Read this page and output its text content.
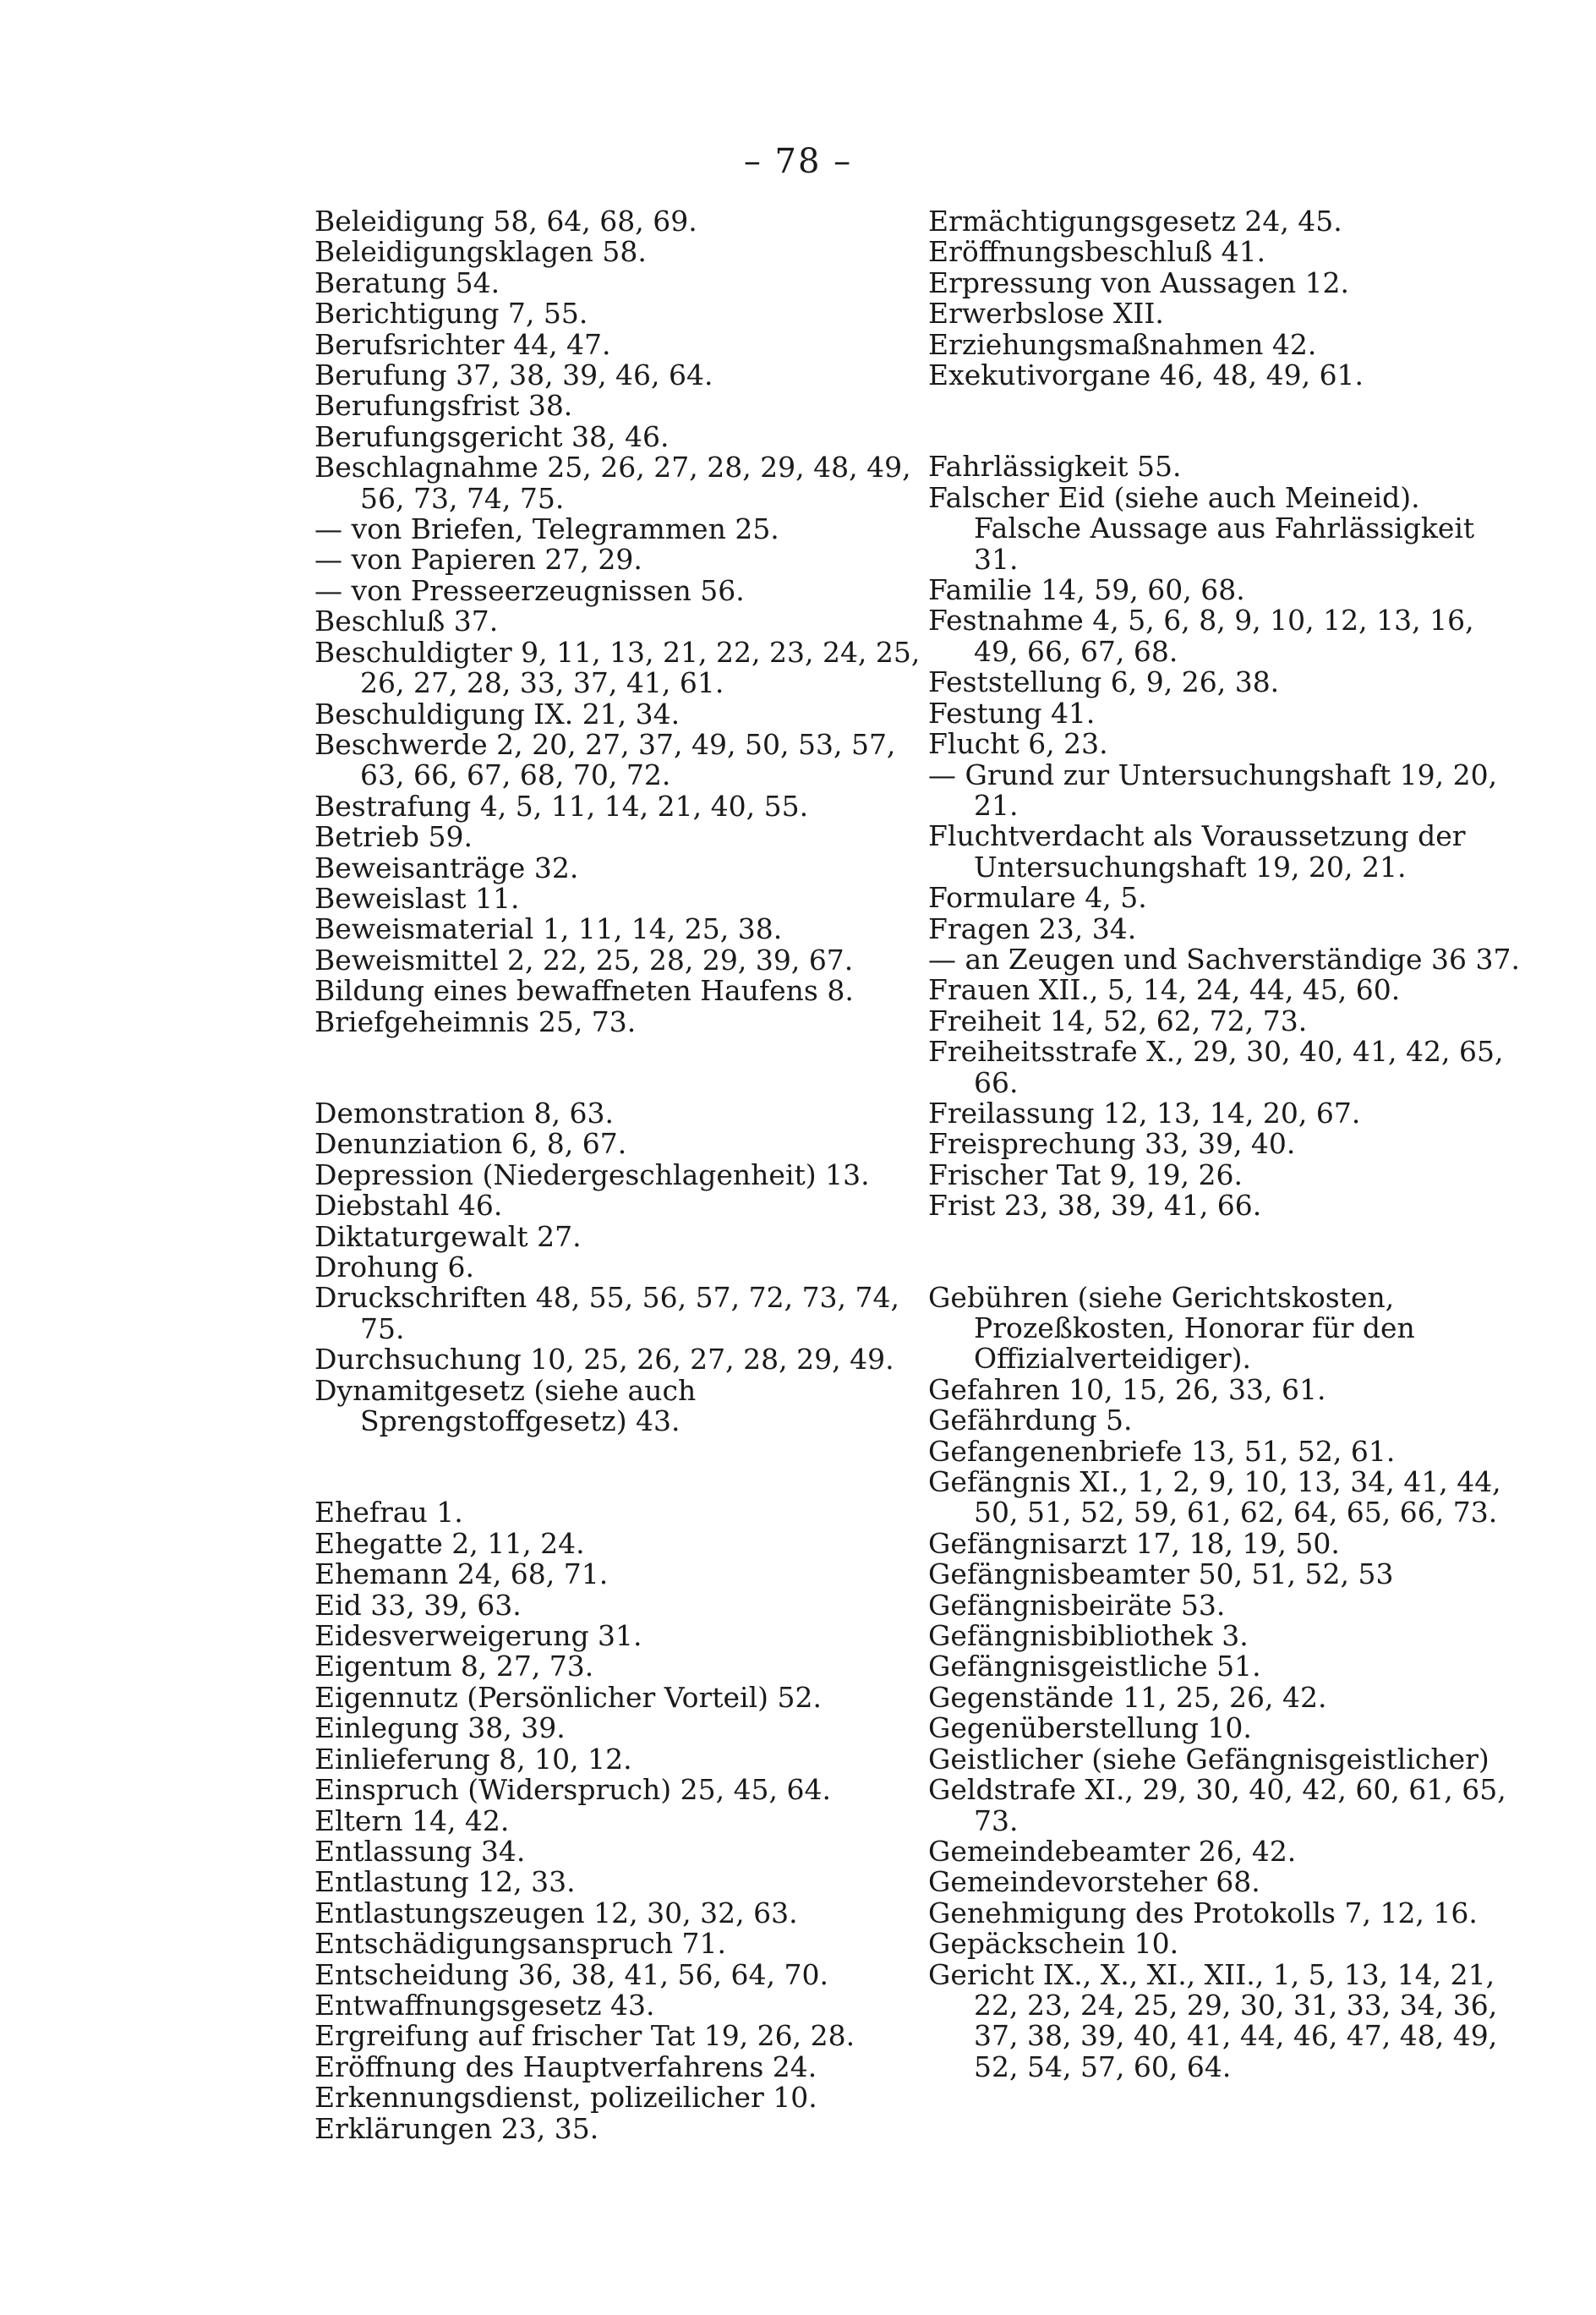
– 78 –
Beleidigung 58, 64, 68, 69.
Beleidigungsklagen 58.
Beratung 54.
Berichtigung 7, 55.
Berufsrichter 44, 47.
Berufung 37, 38, 39, 46, 64.
Berufungsfrist 38.
Berufungsgericht 38, 46.
Beschlagnahme 25, 26, 27, 28, 29, 48, 49, 56, 73, 74, 75.
— von Briefen, Telegrammen 25.
— von Papieren 27, 29.
— von Presseerzeugnissen 56.
Beschluß 37.
Beschuldigter 9, 11, 13, 21, 22, 23, 24, 25, 26, 27, 28, 33, 37, 41, 61.
Beschuldigung IX. 21, 34.
Beschwerde 2, 20, 27, 37, 49, 50, 53, 57, 63, 66, 67, 68, 70, 72.
Bestrafung 4, 5, 11, 14, 21, 40, 55.
Betrieb 59.
Beweisanträge 32.
Beweislast 11.
Beweismaterial 1, 11, 14, 25, 38.
Beweismittel 2, 22, 25, 28, 29, 39, 67.
Bildung eines bewaffneten Haufens 8.
Briefgeheimnis 25, 73.
Demonstration 8, 63.
Denunziation 6, 8, 67.
Depression (Niedergeschlagenheit) 13.
Diebstahl 46.
Diktaturgewalt 27.
Drohung 6.
Druckschriften 48, 55, 56, 57, 72, 73, 74, 75.
Durchsuchung 10, 25, 26, 27, 28, 29, 49.
Dynamitgesetz (siehe auch Sprengstoffgesetz) 43.
Ehefrau 1.
Ehegatte 2, 11, 24.
Ehemann 24, 68, 71.
Eid 33, 39, 63.
Eidesverweigerung 31.
Eigentum 8, 27, 73.
Eigennutz (Persönlicher Vorteil) 52.
Einlegung 38, 39.
Einlieferung 8, 10, 12.
Einspruch (Widerspruch) 25, 45, 64.
Eltern 14, 42.
Entlassung 34.
Entlastung 12, 33.
Entlastungszeugen 12, 30, 32, 63.
Entschädigungsanspruch 71.
Entscheidung 36, 38, 41, 56, 64, 70.
Entwaffnungsgesetz 43.
Ergreifung auf frischer Tat 19, 26, 28.
Eröffnung des Hauptverfahrens 24.
Erkennungsdienst, polizeilicher 10.
Erklärungen 23, 35.
Ermächtigungsgesetz 24, 45.
Eröffnungsbeschluß 41.
Erpressung von Aussagen 12.
Erwerbslose XII.
Erziehungsmaßnahmen 42.
Exekutivorgane 46, 48, 49, 61.
Fahrlässigkeit 55.
Falscher Eid (siehe auch Meineid).
Falsche Aussage aus Fahrlässigkeit 31.
Familie 14, 59, 60, 68.
Festnahme 4, 5, 6, 8, 9, 10, 12, 13, 16, 49, 66, 67, 68.
Feststellung 6, 9, 26, 38.
Festung 41.
Flucht 6, 23.
— Grund zur Untersuchungshaft 19, 20, 21.
Fluchtverdacht als Voraussetzung der Untersuchungshaft 19, 20, 21.
Formulare 4, 5.
Fragen 23, 34.
— an Zeugen und Sachverständige 36 37.
Frauen XII., 5, 14, 24, 44, 45, 60.
Freiheit 14, 52, 62, 72, 73.
Freiheitsstrafe X., 29, 30, 40, 41, 42, 65, 66.
Freilassung 12, 13, 14, 20, 67.
Freisprechung 33, 39, 40.
Frischer Tat 9, 19, 26.
Frist 23, 38, 39, 41, 66.
Gebühren (siehe Gerichtskosten, Prozeßkosten, Honorar für den Offizialverteidiger).
Gefahren 10, 15, 26, 33, 61.
Gefährdung 5.
Gefangenenbriefe 13, 51, 52, 61.
Gefängnis XI., 1, 2, 9, 10, 13, 34, 41, 44, 50, 51, 52, 59, 61, 62, 64, 65, 66, 73.
Gefängnisarzt 17, 18, 19, 50.
Gefängnisbeamter 50, 51, 52, 53
Gefängnisbeiräte 53.
Gefängnisbibliothek 3.
Gefängnisgeistliche 51.
Gegenstände 11, 25, 26, 42.
Gegenüberstellung 10.
Geistlicher (siehe Gefängnisgeistlicher)
Geldstrafe XI., 29, 30, 40, 42, 60, 61, 65, 73.
Gemeindebeamter 26, 42.
Gemeindevorsteher 68.
Genehmigung des Protokolls 7, 12, 16.
Gepäckschein 10.
Gericht IX., X., XI., XII., 1, 5, 13, 14, 21, 22, 23, 24, 25, 29, 30, 31, 33, 34, 36, 37, 38, 39, 40, 41, 44, 46, 47, 48, 49, 52, 54, 57, 60, 64.
